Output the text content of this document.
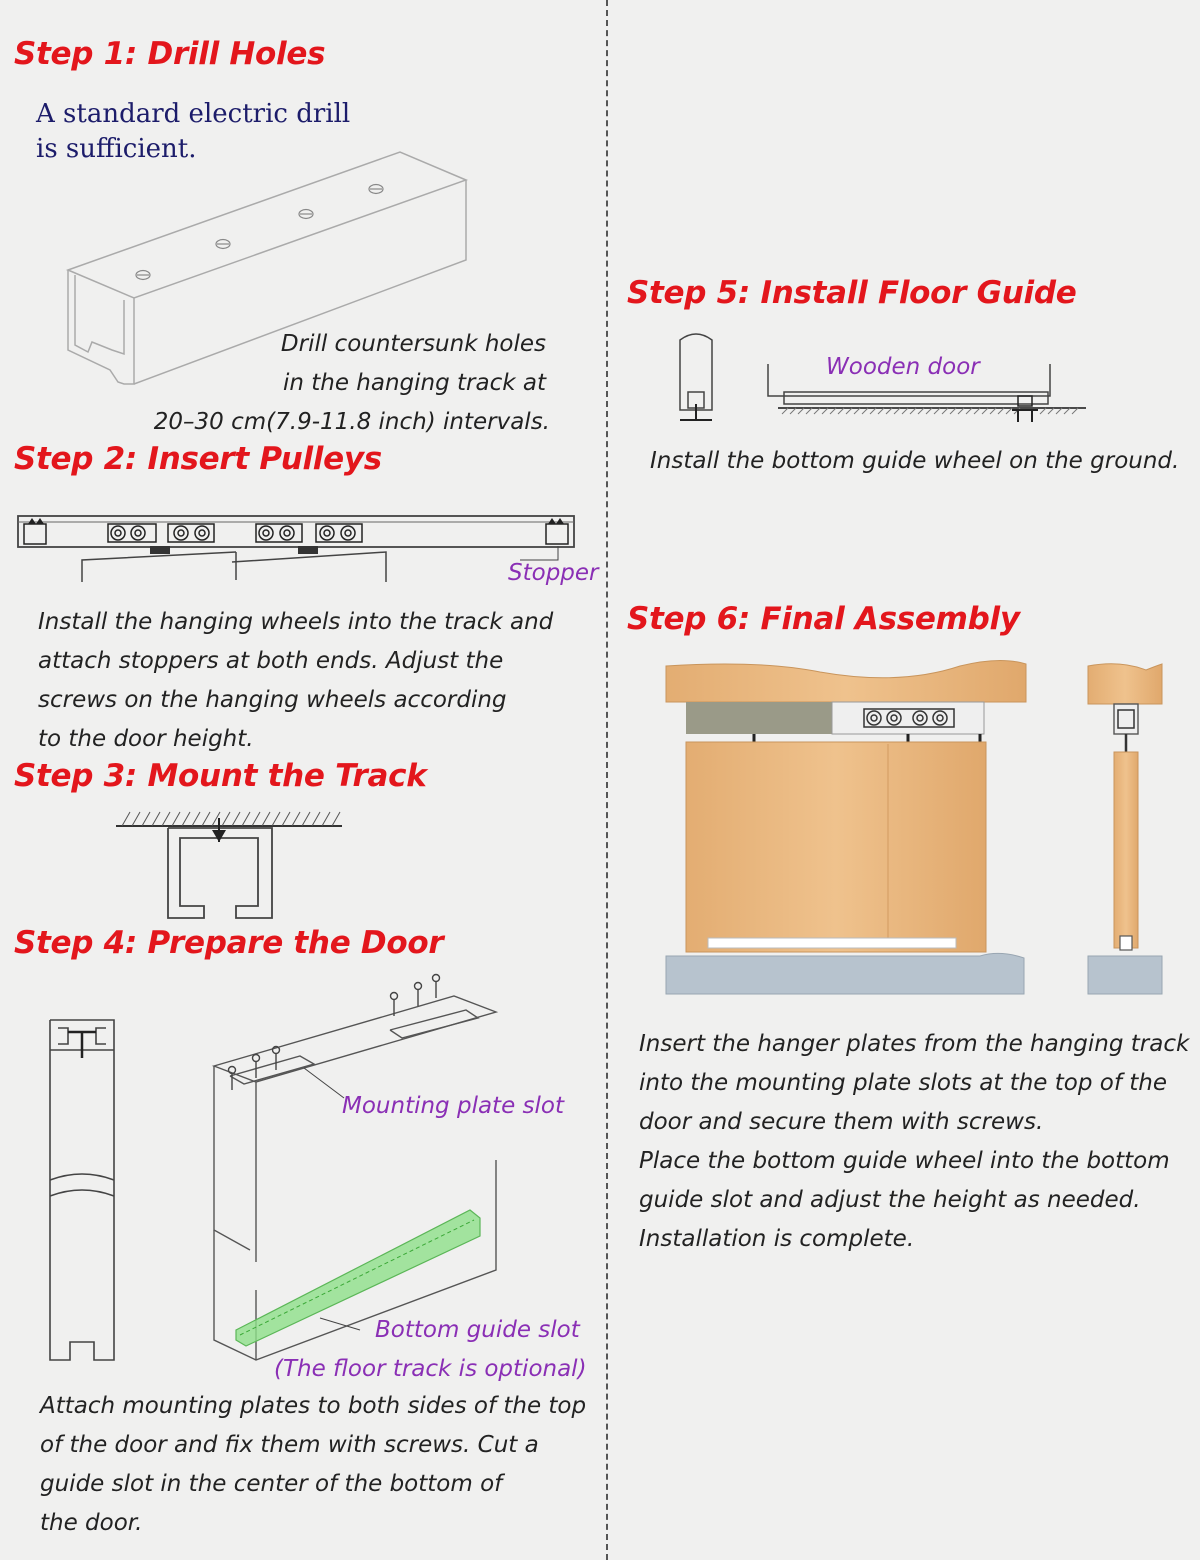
Step 1: Drill Holes
A standard electric drill
is sufficient.
Drill countersunk holes
in the hanging track at
20–30 cm(7.9-11.8 inch) intervals.
Step 2: Insert Pulleys
Stopper
Install the hanging wheels into the track and
attach stoppers at both ends. Adjust the
screws on the hanging wheels according
to the door height.
Step 3: Mount the Track
Step 4: Prepare the Door
Mounting plate slot
Bottom guide slot
(The floor track is optional)
Attach mounting plates to both sides of the top
of the door and fix them with screws. Cut a
guide slot in the center of the bottom of
the door.
Step 5: Install Floor Guide
Wooden door
Install the bottom guide wheel on the ground.
Step 6: Final Assembly
Insert the hanger plates from the hanging track
into the mounting plate slots at the top of the
door and secure them with screws.
Place the bottom guide wheel into the bottom
guide slot and adjust the height as needed.
Installation is complete.
